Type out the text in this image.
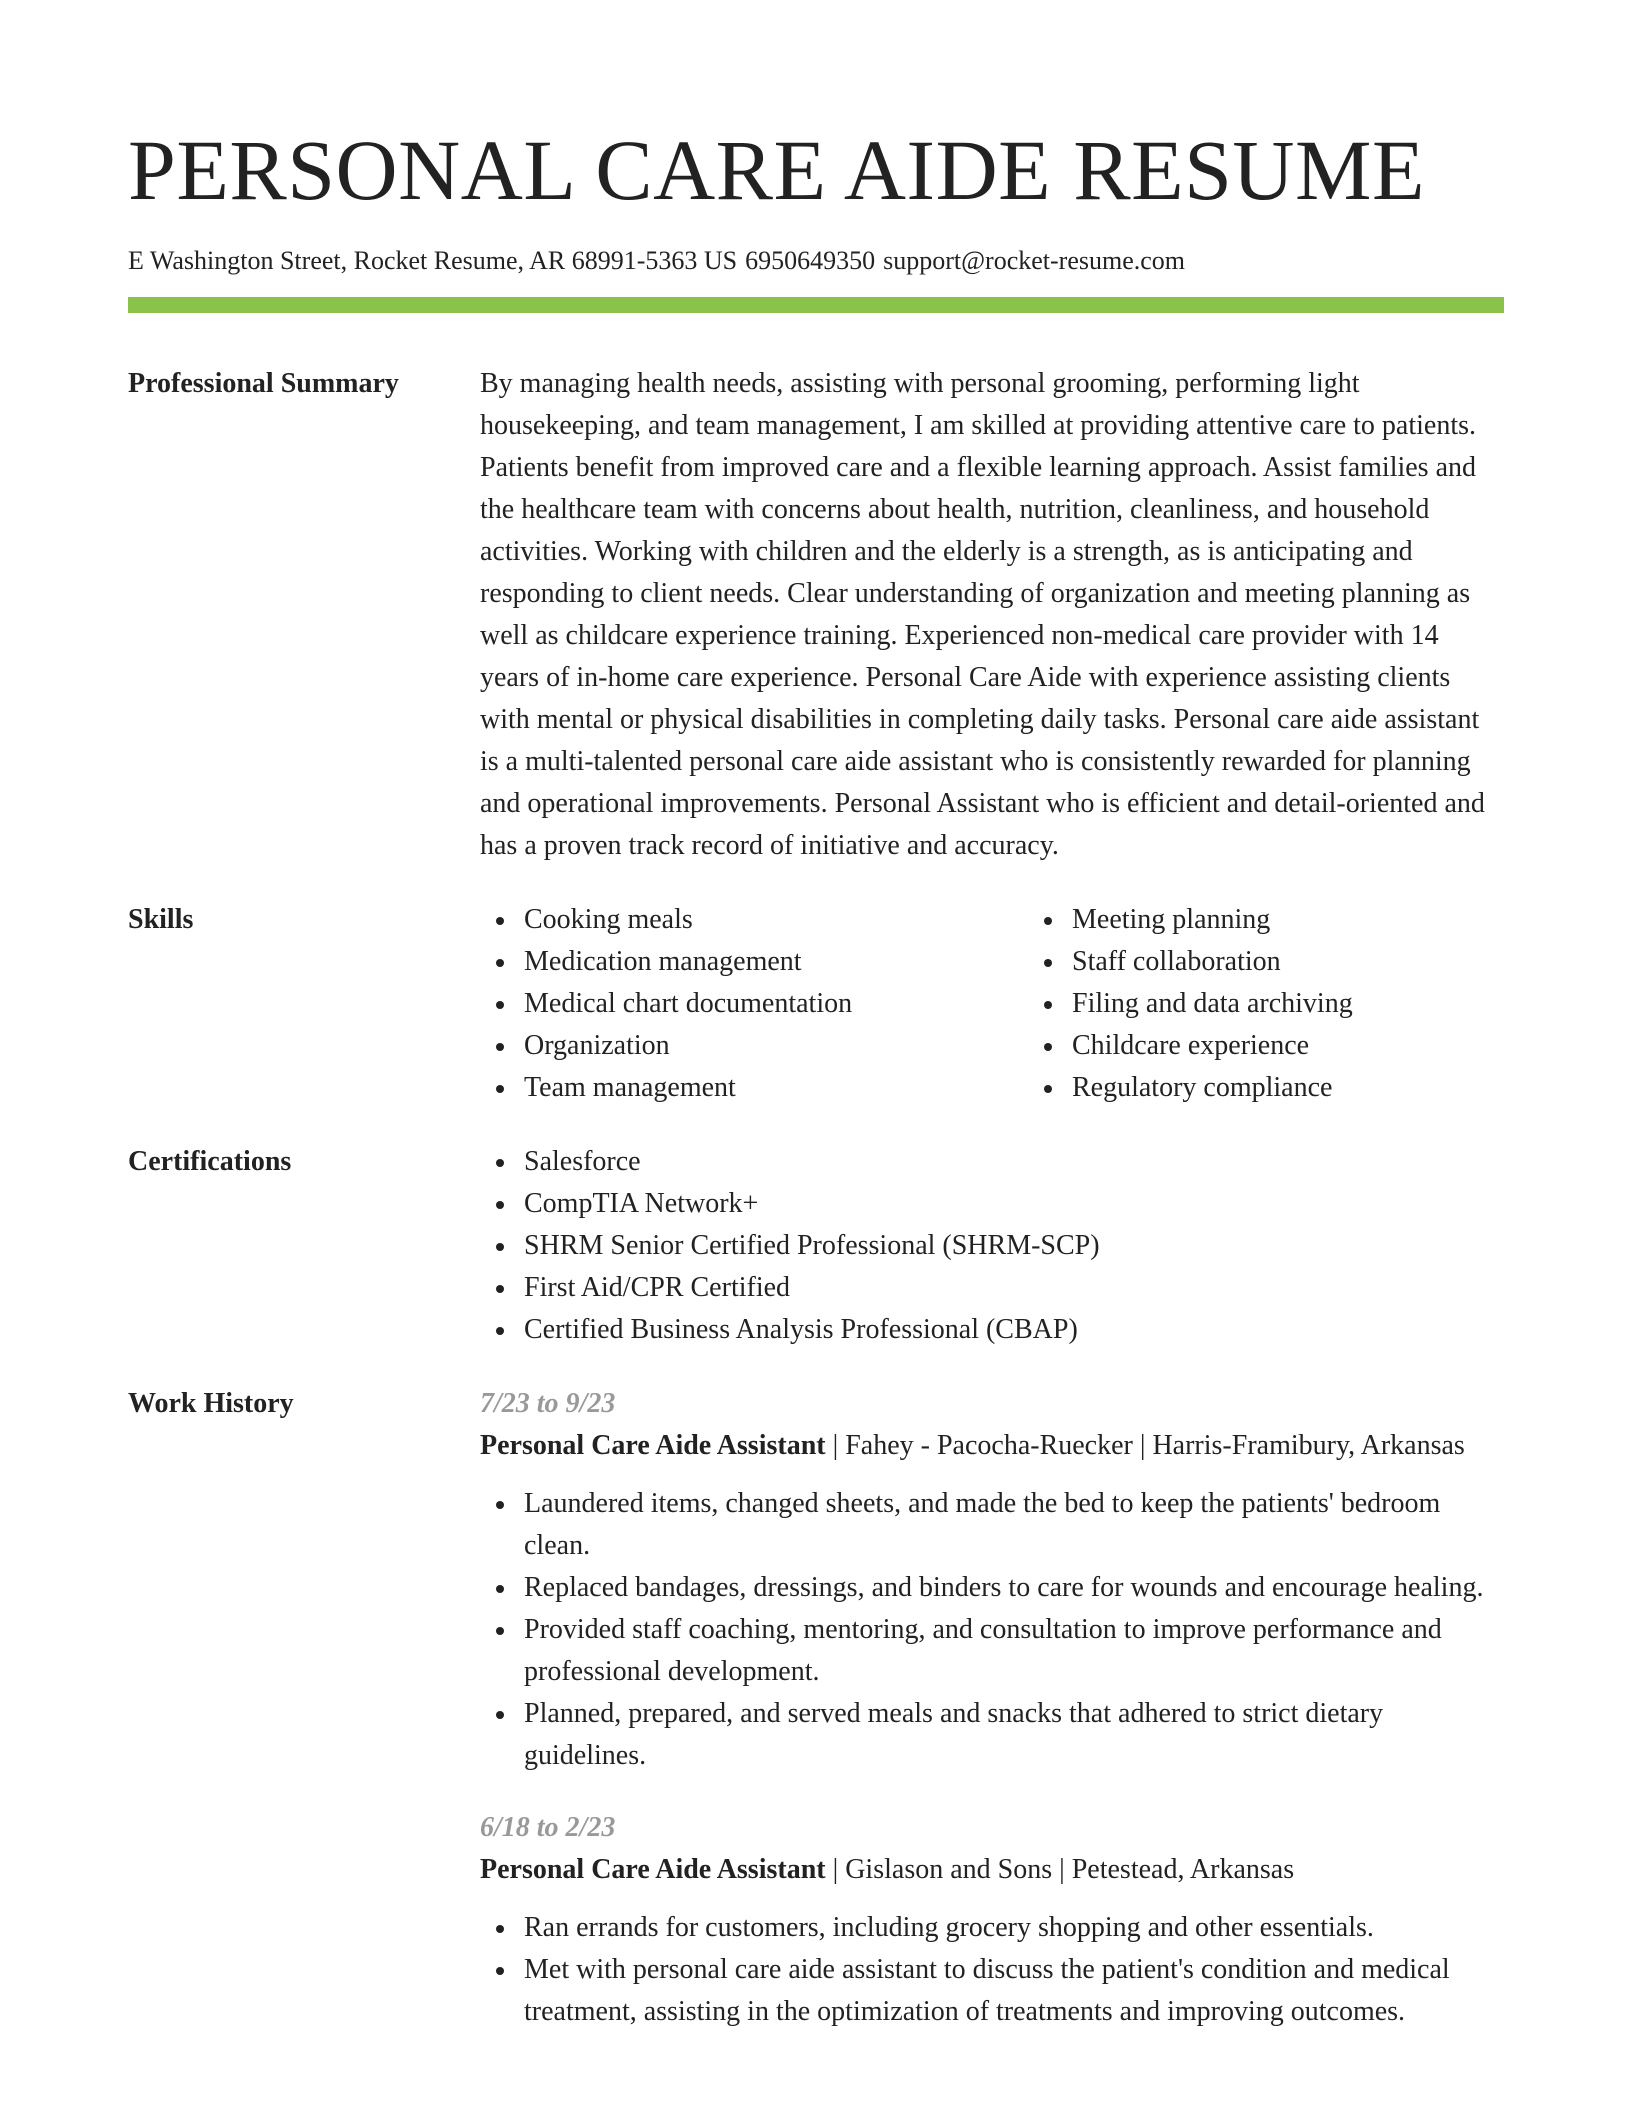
PERSONAL CARE AIDE RESUME
E Washington Street, Rocket Resume, AR 68991-5363 US 6950649350 support@rocket-resume.com
Professional Summary	By managing health needs, assisting with personal grooming, performing light housekeeping, and team management, I am skilled at providing attentive care to patients. Patients benefit from improved care and a flexible learning approach. Assist families and the healthcare team with concerns about health, nutrition, cleanliness, and household activities. Working with children and the elderly is a strength, as is anticipating and responding to client needs. Clear understanding of organization and meeting planning as well as childcare experience training. Experienced non-medical care provider with 14 years of in-home care experience. Personal Care Aide with experience assisting clients with mental or physical disabilities in completing daily tasks. Personal care aide assistant is a multi-talented personal care aide assistant who is consistently rewarded for planning and operational improvements. Personal Assistant who is efficient and detail-oriented and has a proven track record of initiative and accuracy.

Skills	Cooking meals
Medication management
Medical chart documentation
Organization
Team management
Meeting planning
Staff collaboration
Filing and data archiving
Childcare experience
Regulatory compliance
Certifications	Salesforce
CompTIA Network+
SHRM Senior Certified Professional (SHRM-SCP)
First Aid/CPR Certified
Certified Business Analysis Professional (CBAP)
Work History	7/23 to 9/23
Personal Care Aide Assistant | Fahey - Pacocha-Ruecker | Harris-Framibury, Arkansas
Laundered items, changed sheets, and made the bed to keep the patients' bedroom clean.
Replaced bandages, dressings, and binders to care for wounds and encourage healing.
Provided staff coaching, mentoring, and consultation to improve performance and professional development.
Planned, prepared, and served meals and snacks that adhered to strict dietary guidelines.
6/18 to 2/23
Personal Care Aide Assistant | Gislason and Sons | Petestead, Arkansas
Ran errands for customers, including grocery shopping and other essentials.
Met with personal care aide assistant to discuss the patient's condition and medical treatment, assisting in the optimization of treatments and improving outcomes.
